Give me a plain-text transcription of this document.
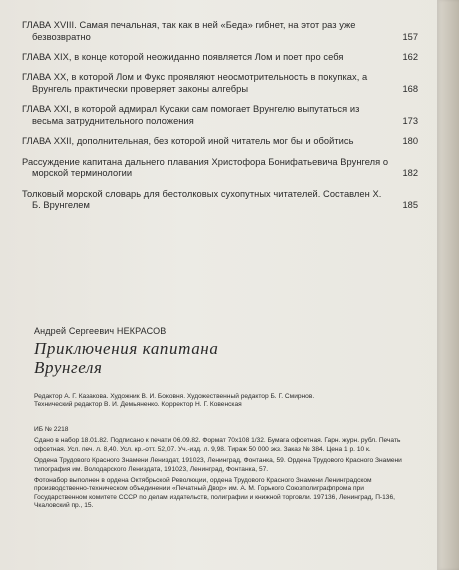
ГЛАВА XVIII. Самая печальная, так как в ней «Беда» гибнет, на этот раз уже безвозвратно	157
ГЛАВА XIX, в конце которой неожиданно появляется Лом и поет про себя	162
ГЛАВА XX, в которой Лом и Фукс проявляют неосмотрительность в покупках, а Врунгель практически проверяет законы алгебры	168
ГЛАВА XXI, в которой адмирал Кусаки сам помогает Врунгелю выпутаться из весьма затруднительного положения	173
ГЛАВА XXII, дополнительная, без которой иной читатель мог бы и обойтись	180
Рассуждение капитана дальнего плавания Христофора Бонифатьевича Врунгеля о морской терминологии	182
Толковый морской словарь для бестолковых сухопутных читателей. Составлен Х. Б. Врунгелем	185
Андрей Сергеевич НЕКРАСОВ
Приключения капитана
Врунгеля

Редактор А. Г. Казакова. Художник В. И. Боковня. Художественный редактор Б. Г. Смирнов.

Технический редактор В. И. Демьяненко. Корректор Н. Г. Ковенская

ИБ № 2218

Сдано в набор 18.01.82. Подписано к печати 06.09.82. Формат 70x108 1/32. Бумага офсетная. Гарн. журн. рубл. Печать офсетная. Усл. печ. л. 8,40. Усл. кр.-отт. 52,07. Уч.-изд. л. 9,98. Тираж 50 000 экз. Заказ № 384. Цена 1 р. 10 к.

Ордена Трудового Красного Знамени Лениздат, 191023, Ленинград, Фонтанка, 59. Ордена Трудового Красного Знамени типография им. Володарского Лениздата, 191023, Ленинград, Фонтанка, 57.

Фотонабор выполнен в ордена Октябрьской Революции, ордена Трудового Красного Знамени Ленинградском производственно-техническом объединении «Печатный Двор» им. А. М. Горького Союзполиграфпрома при Государственном комитете СССР по делам издательств, полиграфии и книжной торговли. 197136, Ленинград, П-136, Чкаловский пр., 15.
